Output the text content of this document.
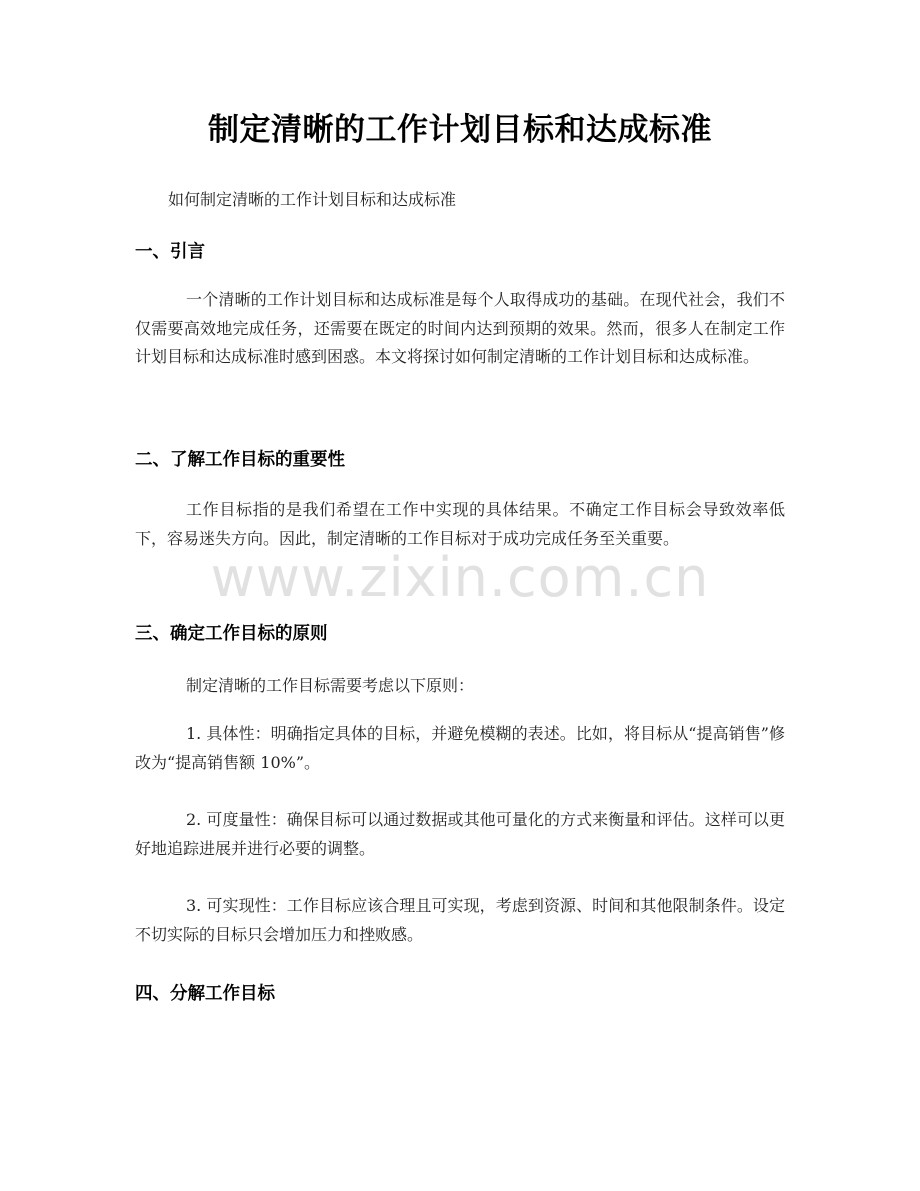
制定清晰的工作计划目标和达成标准
如何制定清晰的工作计划目标和达成标准
一、引言

一个清晰的工作计划目标和达成标准是每个人取得成功的基础。在现代社会，我们不仅需要高效地完成任务，还需要在既定的时间内达到预期的效果。然而，很多人在制定工作计划目标和达成标准时感到困惑。本文将探讨如何制定清晰的工作计划目标和达成标准。

二、了解工作目标的重要性

工作目标指的是我们希望在工作中实现的具体结果。不确定工作目标会导致效率低下，容易迷失方向。因此，制定清晰的工作目标对于成功完成任务至关重要。

三、确定工作目标的原则

制定清晰的工作目标需要考虑以下原则：

1. 具体性：明确指定具体的目标，并避免模糊的表述。比如，将目标从“提高销售”修改为“提高销售额 10%”。

2. 可度量性：确保目标可以通过数据或其他可量化的方式来衡量和评估。这样可以更好地追踪进展并进行必要的调整。

3. 可实现性：工作目标应该合理且可实现，考虑到资源、时间和其他限制条件。设定不切实际的目标只会增加压力和挫败感。

四、分解工作目标
www.zixin.com.cn
